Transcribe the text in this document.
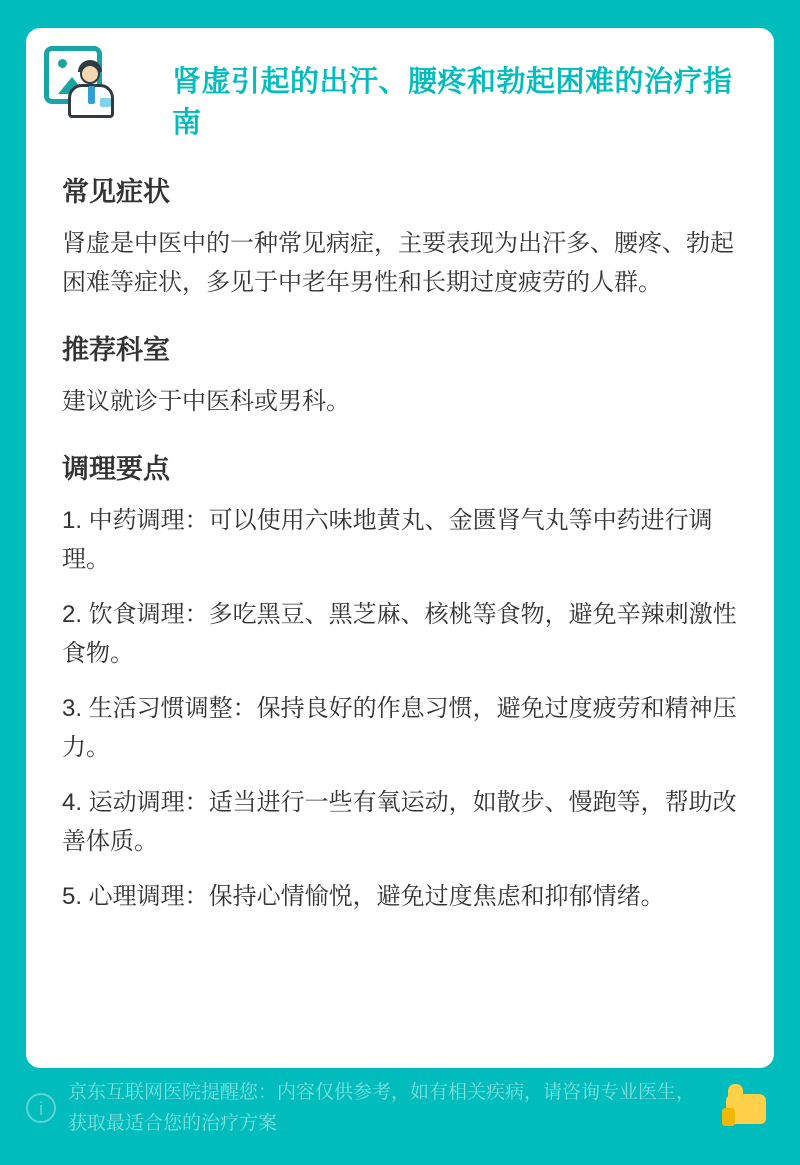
肾虚引起的出汗、腰疼和勃起困难的治疗指南
常见症状

肾虚是中医中的一种常见病症，主要表现为出汗多、腰疼、勃起困难等症状，多见于中老年男性和长期过度疲劳的人群。

推荐科室

建议就诊于中医科或男科。

调理要点

1. 中药调理：可以使用六味地黄丸、金匮肾气丸等中药进行调理。

2. 饮食调理：多吃黑豆、黑芝麻、核桃等食物，避免辛辣刺激性食物。

3. 生活习惯调整：保持良好的作息习惯，避免过度疲劳和精神压力。

4. 运动调理：适当进行一些有氧运动，如散步、慢跑等，帮助改善体质。

5. 心理调理：保持心情愉悦，避免过度焦虑和抑郁情绪。

i
京东互联网医院提醒您：内容仅供参考，如有相关疾病，请咨询专业医生，获取最适合您的治疗方案
